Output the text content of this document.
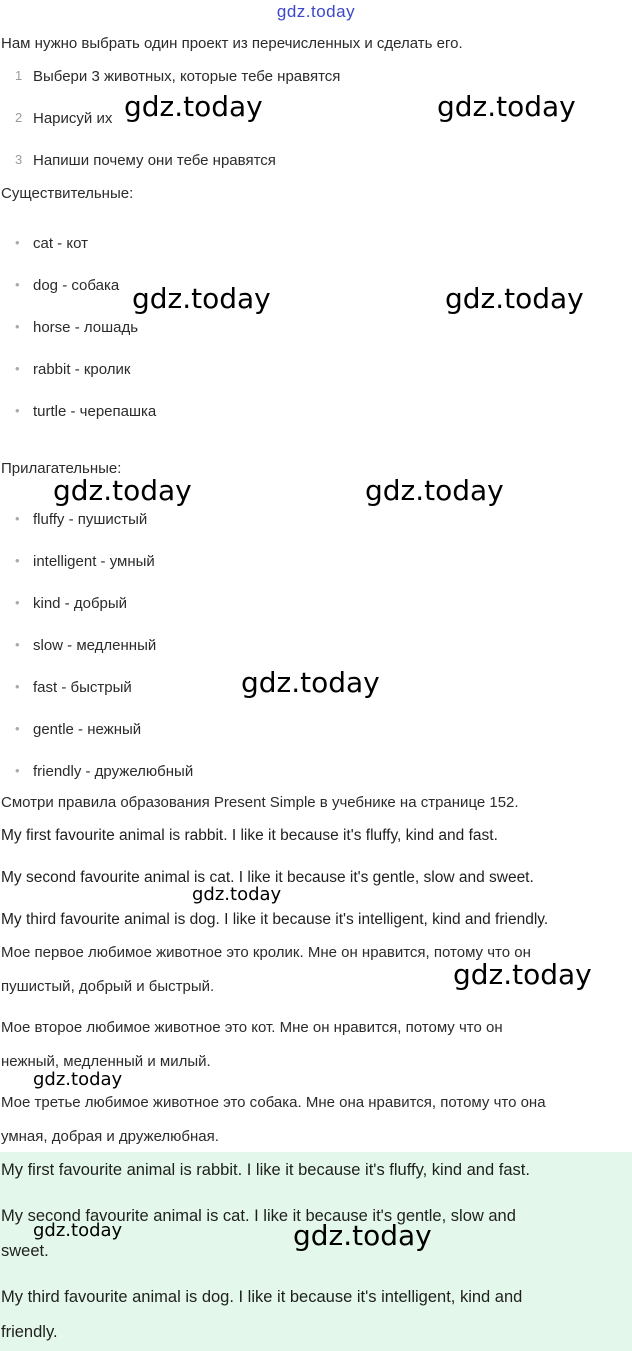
gdz.today
Нам нужно выбрать один проект из перечисленных и сделать его.
1 Выбери 3 животных, которые тебе нравятся
2 Нарисуй их
3 Напиши почему они тебе нравятся
Существительные:
• cat - кот
• dog - собака
• horse - лошадь
• rabbit - кролик
• turtle - черепашка
Прилагательные:
• fluffy - пушистый
• intelligent - умный
• kind - добрый
• slow - медленный
• fast - быстрый
• gentle - нежный
• friendly - дружелюбный
Смотри правила образования Present Simple в учебнике на странице 152.
My first favourite animal is rabbit. I like it because it's fluffy, kind and fast.
My second favourite animal is cat. I like it because it's gentle, slow and sweet.
My third favourite animal is dog. I like it because it's intelligent, kind and friendly.
Мое первое любимое животное это кролик. Мне он нравится, потому что он
пушистый, добрый и быстрый.
Мое второе любимое животное это кот. Мне он нравится, потому что он
нежный, медленный и милый.
Мое третье любимое животное это собака. Мне она нравится, потому что она
умная, добрая и дружелюбная.
My first favourite animal is rabbit. I like it because it's fluffy, kind and fast.
My second favourite animal is cat. I like it because it's gentle, slow and
sweet.
My third favourite animal is dog. I like it because it's intelligent, kind and
friendly.
gdz.today	gdz.today
gdz.today	gdz.today
gdz.today	gdz.today
gdz.today
gdz.today
gdz.today
gdz.today
gdz.today	gdz.today
